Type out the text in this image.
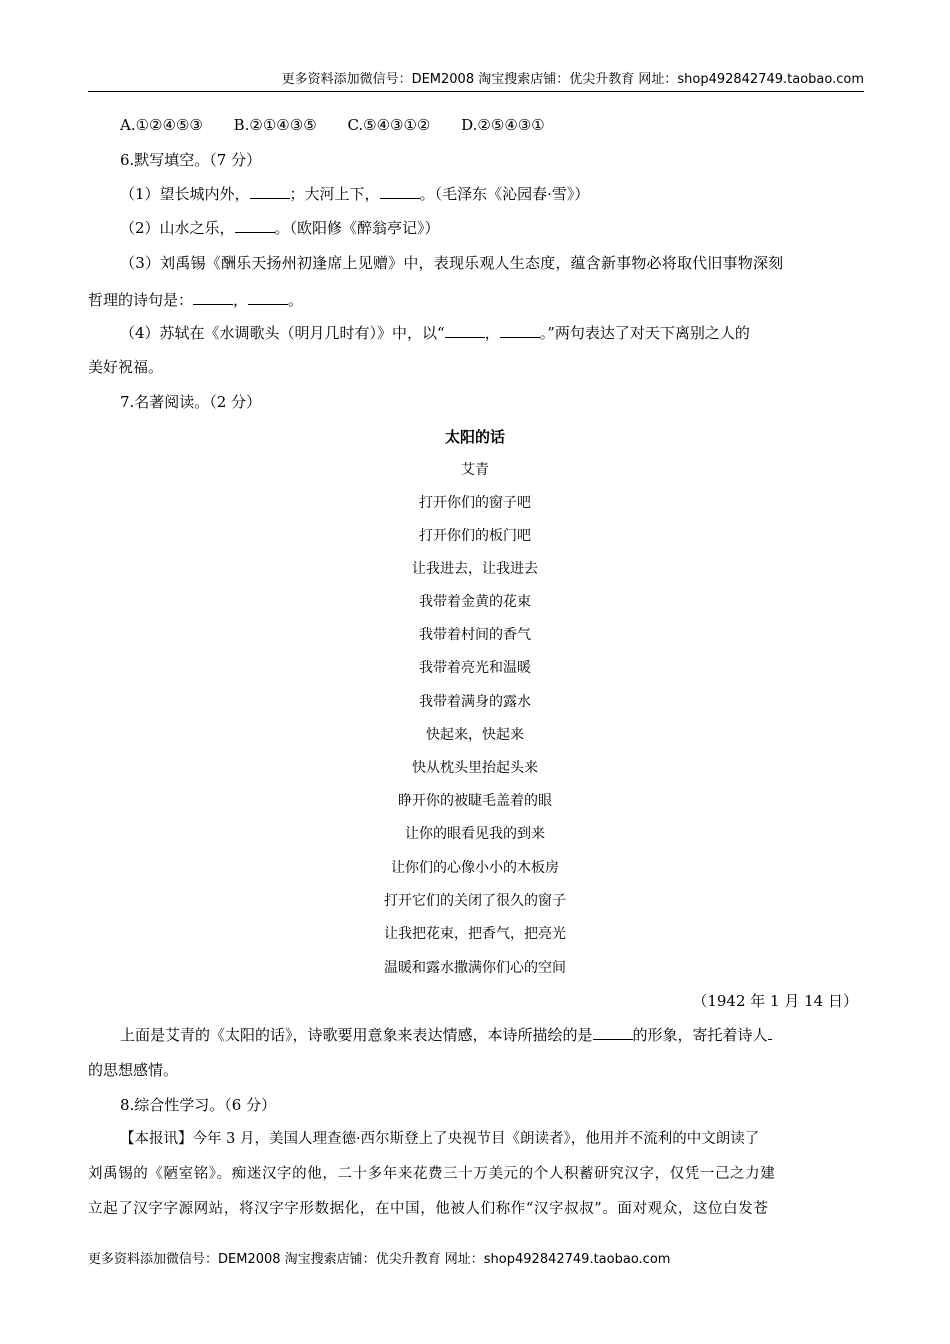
更多资料添加微信号：DEM2008 淘宝搜索店铺：优尖升教育 网址：shop492842749.taobao.com
A.①②④⑤③ B.②①④③⑤ C.⑤④③①② D.②⑤④③①
6.默写填空。（7 分）
（1）望长城内外，	；大河上下，	。（毛泽东《沁园春·雪》）
（2）山水之乐，	。（欧阳修《醉翁亭记》）
（3）刘禹锡《酬乐天扬州初逢席上见赠》中，表现乐观人生态度，蕴含新事物必将取代旧事物深刻
哲理的诗句是：	，	。
（4）苏轼在《水调歌头（明月几时有）》中，以“	，	。”两句表达了对天下离别之人的
美好祝福。
7.名著阅读。（2 分）
太阳的话
艾青
打开你们的窗子吧
打开你们的板门吧
让我进去，让我进去
我带着金黄的花束
我带着村间的香气
我带着亮光和温暖
我带着满身的露水
快起来，快起来
快从枕头里抬起头来
睁开你的被睫毛盖着的眼
让你的眼看见我的到来
让你们的心像小小的木板房
打开它们的关闭了很久的窗子
让我把花束，把香气，把亮光
温暖和露水撒满你们心的空间
（1942 年 1 月 14 日）
上面是艾青的《太阳的话》，诗歌要用意象来表达情感，本诗所描绘的是	的形象，寄托着诗人
的思想感情。
8.综合性学习。（6 分）
【本报讯】今年 3 月，美国人理查德·西尔斯登上了央视节目《朗读者》，他用并不流利的中文朗读了
刘禹锡的《陋室铭》。痴迷汉字的他，二十多年来花费三十万美元的个人积蓄研究汉字，仅凭一己之力建
立起了汉字字源网站，将汉字字形数据化，在中国，他被人们称作“汉字叔叔”。面对观众，这位白发苍
更多资料添加微信号：DEM2008 淘宝搜索店铺：优尖升教育 网址：shop492842749.taobao.com
